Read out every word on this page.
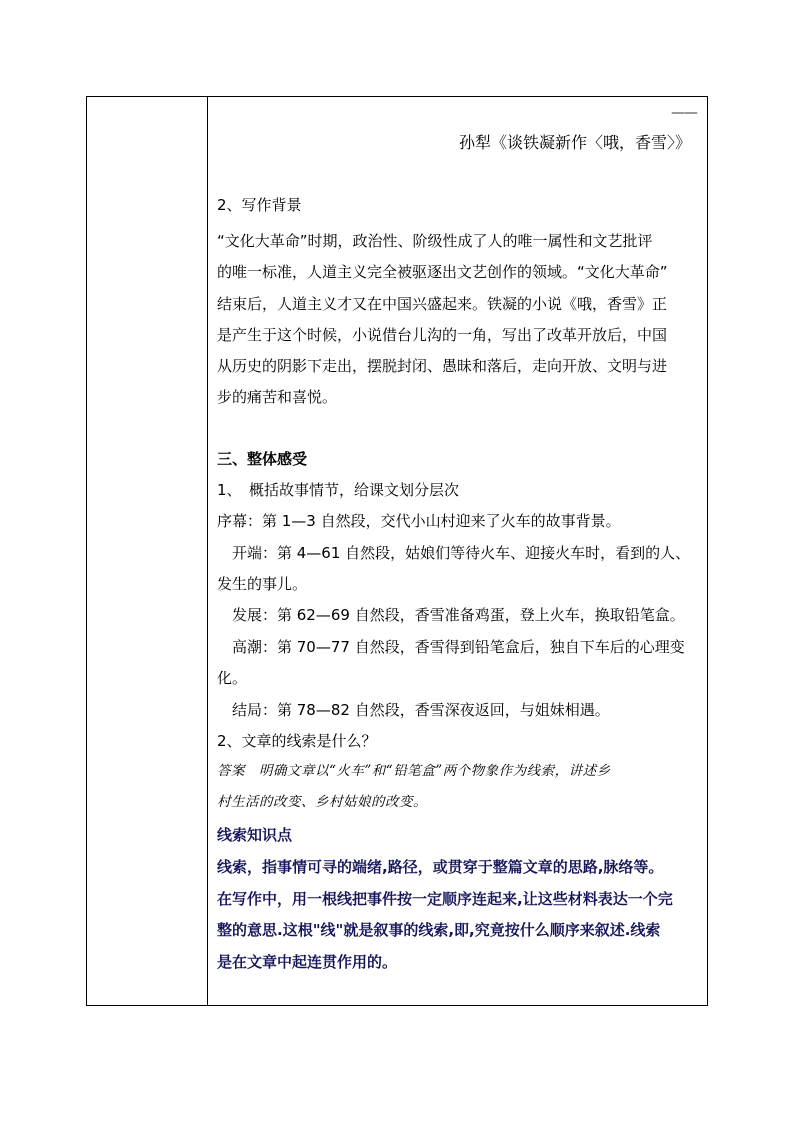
——
孙犁《谈铁凝新作〈哦，香雪〉》
2、写作背景
“文化大革命”时期，政治性、阶级性成了人的唯一属性和文艺批评
的唯一标准，人道主义完全被驱逐出文艺创作的领域。“文化大革命”
结束后，人道主义才又在中国兴盛起来。铁凝的小说《哦，香雪》正
是产生于这个时候，小说借台儿沟的一角，写出了改革开放后，中国
从历史的阴影下走出，摆脱封闭、愚昧和落后，走向开放、文明与进
步的痛苦和喜悦。
三、整体感受
1、　概括故事情节，给课文划分层次
序幕：第 1—3 自然段，交代小山村迎来了火车的故事背景。
　开端：第 4—61 自然段，姑娘们等待火车、迎接火车时，看到的人、
发生的事儿。
　发展：第 62—69 自然段，香雪准备鸡蛋，登上火车，换取铅笔盒。
　高潮：第 70—77 自然段，香雪得到铅笔盒后，独自下车后的心理变
化。
　结局：第 78—82 自然段，香雪深夜返回，与姐妹相遇。
2、文章的线索是什么？
答案　明确文章以“火车”和“铅笔盒”两个物象作为线索，讲述乡
村生活的改变、乡村姑娘的改变。
线索知识点
线索，指事情可寻的端绪,路径，或贯穿于整篇文章的思路,脉络等。
在写作中，用一根线把事件按一定顺序连起来,让这些材料表达一个完
整的意思.这根"线"就是叙事的线索,即,究竟按什么顺序来叙述.线索
是在文章中起连贯作用的。
